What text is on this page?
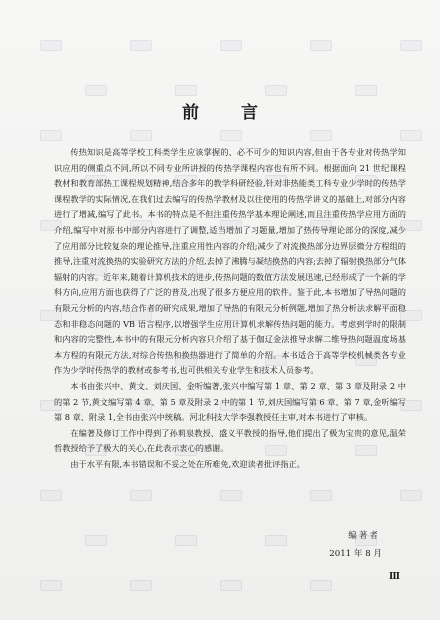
前 言

传热知识是高等学校工科类学生应该掌握的、必不可少的知识内容,但由于各专业对传热学知识应用的侧重点不同,所以不同专业所讲授的传热学课程内容也有所不同。根据面向 21 世纪课程教材和教育部热工课程规划精神,结合多年的教学科研经验,针对非热能类工科专业少学时的传热学课程教学的实际情况,在我们过去编写的传热学教材及以往使用的传热学讲义的基础上,对部分内容进行了增减,编写了此书。本书的特点是不但注重传热学基本理论阐述,而且注重传热学应用方面的介绍,编写中对原书中部分内容进行了调整,适当增加了习题量,增加了热传导理论部分的深度,减少了应用部分比较复杂的理论推导,注重应用性内容的介绍;减少了对流换热部分边界层微分方程组的推导,注重对流换热的实验研究方法的介绍,去掉了沸腾与凝结换热的内容;去掉了辐射换热部分气体辐射的内容。近年来,随着计算机技术的进步,传热问题的数值方法发展迅速,已经形成了一个新的学科方向,应用方面也获得了广泛的普及,出现了很多方便应用的软件。鉴于此,本书增加了导热问题的有限元分析的内容,结合作者的研究成果,增加了导热的有限元分析例题,增加了热分析法求解平面稳态和非稳态问题的 VB 语言程序,以增强学生应用计算机求解传热问题的能力。考虑到学时的限制和内容的完整性,本书中的有限元分析内容只介绍了基于伽辽金法推导求解二维导热问题温度场基本方程的有限元方法,对综合传热和换热器进行了简单的介绍。本书适合于高等学校机械类各专业作为少学时传热学的教材或参考书,也可供相关专业学生和技术人员参考。

本书由张兴中、黄文、刘庆国、金听编著,张兴中编写第 1 章、第 2 章、第 3 章及附录 2 中的第 2 节,黄文编写第 4 章、第 5 章及附录 2 中的第 1 节,刘庆国编写第 6 章、第 7 章,金听编写第 8 章、附录 1,全书由张兴中统稿。河北科技大学李强教授任主审,对本书进行了审核。

在编著及修订工作中得到了孙莉泉教授、盛义平教授的指导,他们提出了极为宝贵的意见,温荣哲教授给予了极大的关心,在此表示衷心的感谢。

由于水平有限,本书错误和不妥之处在所难免,欢迎读者批评指正。

编著者
2011 年 8 月
Ⅲ
